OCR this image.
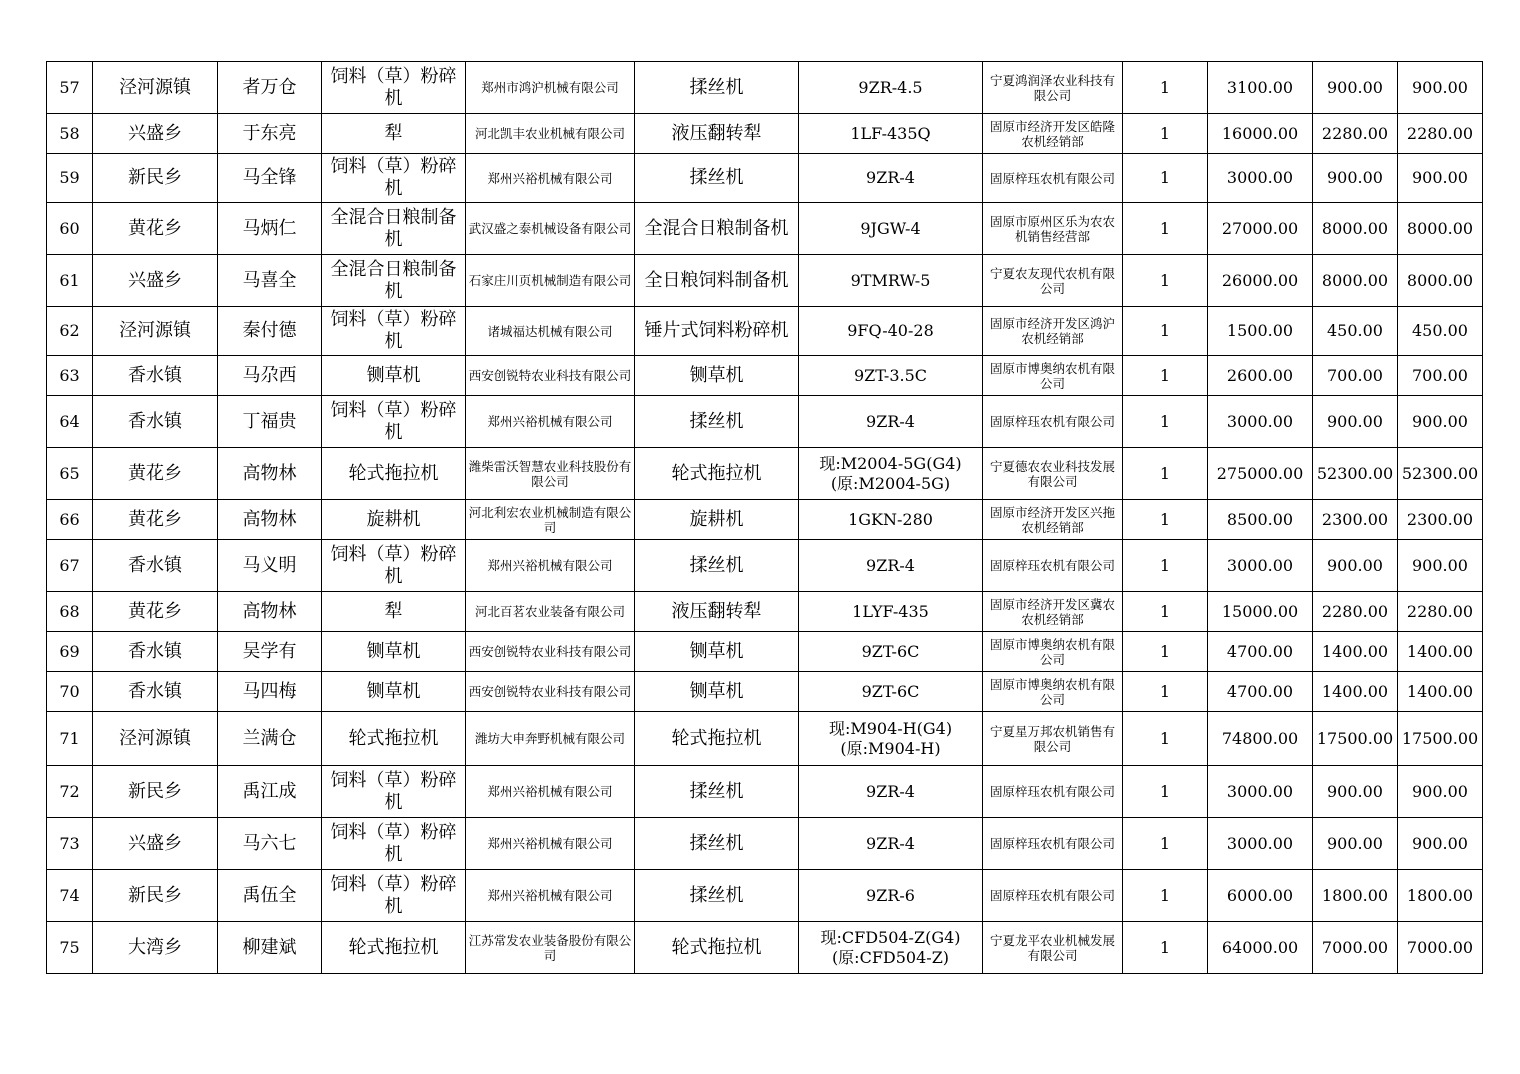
57	泾河源镇	者万仓	饲料（草）粉碎机	郑州市鸿沪机械有限公司	揉丝机	9ZR-4.5	宁夏鸿润泽农业科技有限公司	1	3100.00	900.00	900.00
58	兴盛乡	于东亮	犁	河北凯丰农业机械有限公司	液压翻转犁	1LF-435Q	固原市经济开发区皓隆农机经销部	1	16000.00	2280.00	2280.00
59	新民乡	马全锋	饲料（草）粉碎机	郑州兴裕机械有限公司	揉丝机	9ZR-4	固原梓珏农机有限公司	1	3000.00	900.00	900.00
60	黄花乡	马炳仁	全混合日粮制备机	武汉盛之泰机械设备有限公司	全混合日粮制备机	9JGW-4	固原市原州区乐为农农机销售经营部	1	27000.00	8000.00	8000.00
61	兴盛乡	马喜全	全混合日粮制备机	石家庄川页机械制造有限公司	全日粮饲料制备机	9TMRW-5	宁夏农友现代农机有限公司	1	26000.00	8000.00	8000.00
62	泾河源镇	秦付德	饲料（草）粉碎机	诸城福达机械有限公司	锤片式饲料粉碎机	9FQ-40-28	固原市经济开发区鸿沪农机经销部	1	1500.00	450.00	450.00
63	香水镇	马尕西	铡草机	西安创锐特农业科技有限公司	铡草机	9ZT-3.5C	固原市博奥纳农机有限公司	1	2600.00	700.00	700.00
64	香水镇	丁福贵	饲料（草）粉碎机	郑州兴裕机械有限公司	揉丝机	9ZR-4	固原梓珏农机有限公司	1	3000.00	900.00	900.00
65	黄花乡	高物林	轮式拖拉机	潍柴雷沃智慧农业科技股份有限公司	轮式拖拉机	现:M2004-5G(G4)(原:M2004-5G)	宁夏德农农业科技发展有限公司	1	275000.00	52300.00	52300.00
66	黄花乡	高物林	旋耕机	河北利宏农业机械制造有限公司	旋耕机	1GKN-280	固原市经济开发区兴拖农机经销部	1	8500.00	2300.00	2300.00
67	香水镇	马义明	饲料（草）粉碎机	郑州兴裕机械有限公司	揉丝机	9ZR-4	固原梓珏农机有限公司	1	3000.00	900.00	900.00
68	黄花乡	高物林	犁	河北百茗农业装备有限公司	液压翻转犁	1LYF-435	固原市经济开发区冀农农机经销部	1	15000.00	2280.00	2280.00
69	香水镇	吴学有	铡草机	西安创锐特农业科技有限公司	铡草机	9ZT-6C	固原市博奥纳农机有限公司	1	4700.00	1400.00	1400.00
70	香水镇	马四梅	铡草机	西安创锐特农业科技有限公司	铡草机	9ZT-6C	固原市博奥纳农机有限公司	1	4700.00	1400.00	1400.00
71	泾河源镇	兰满仓	轮式拖拉机	潍坊大申奔野机械有限公司	轮式拖拉机	现:M904-H(G4)(原:M904-H)	宁夏星万邦农机销售有限公司	1	74800.00	17500.00	17500.00
72	新民乡	禹江成	饲料（草）粉碎机	郑州兴裕机械有限公司	揉丝机	9ZR-4	固原梓珏农机有限公司	1	3000.00	900.00	900.00
73	兴盛乡	马六七	饲料（草）粉碎机	郑州兴裕机械有限公司	揉丝机	9ZR-4	固原梓珏农机有限公司	1	3000.00	900.00	900.00
74	新民乡	禹伍全	饲料（草）粉碎机	郑州兴裕机械有限公司	揉丝机	9ZR-6	固原梓珏农机有限公司	1	6000.00	1800.00	1800.00
75	大湾乡	柳建斌	轮式拖拉机	江苏常发农业装备股份有限公司	轮式拖拉机	现:CFD504-Z(G4)(原:CFD504-Z)	宁夏龙平农业机械发展有限公司	1	64000.00	7000.00	7000.00
